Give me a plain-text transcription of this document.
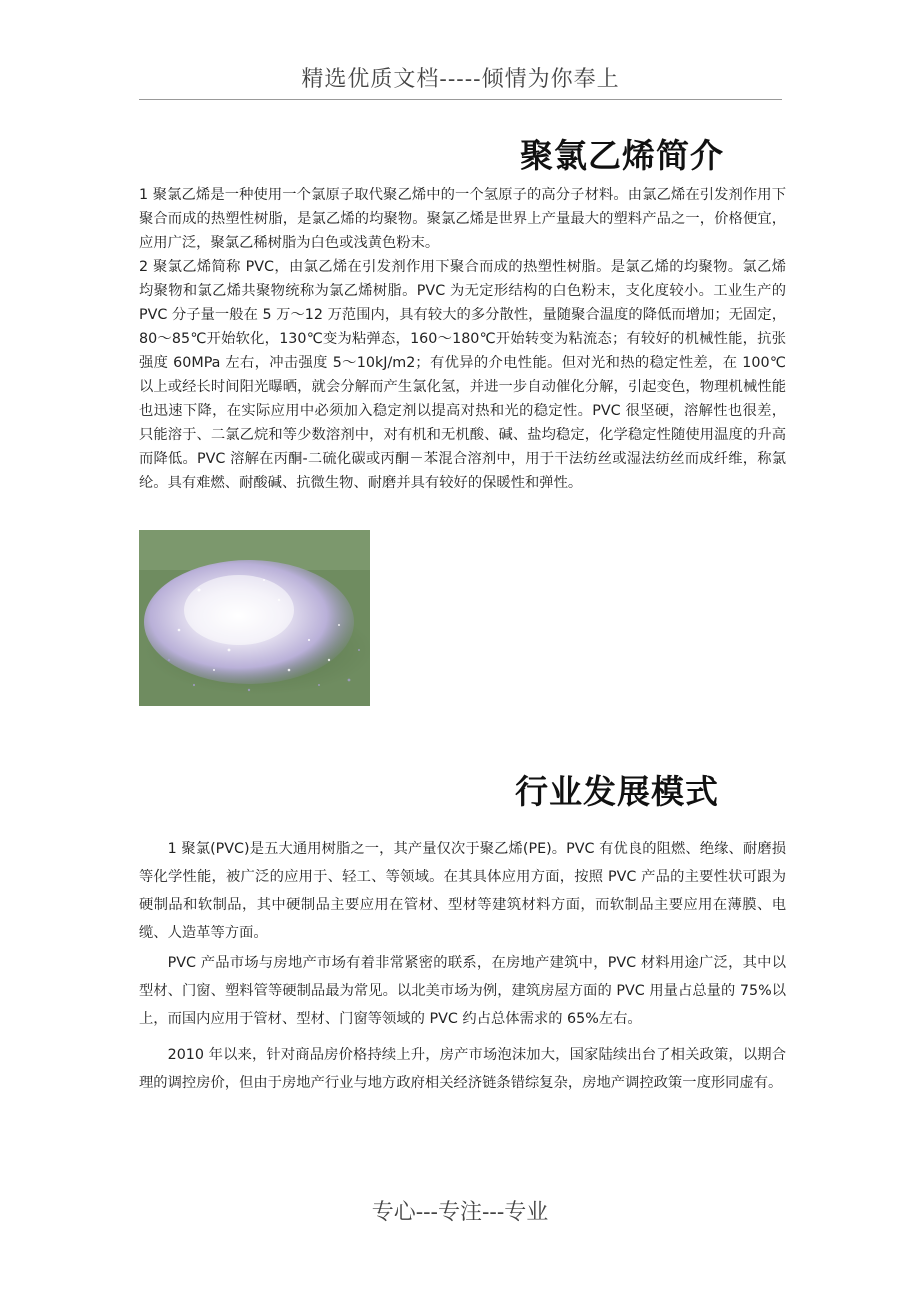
精选优质文档-----倾情为你奉上
聚氯乙烯简介

1 聚氯乙烯是一种使用一个氯原子取代聚乙烯中的一个氢原子的高分子材料。由氯乙烯在引发剂作用下聚合而成的热塑性树脂，是氯乙烯的均聚物。聚氯乙烯是世界上产量最大的塑料产品之一，价格便宜，应用广泛，聚氯乙稀树脂为白色或浅黄色粉末。

2 聚氯乙烯简称 PVC，由氯乙烯在引发剂作用下聚合而成的热塑性树脂。是氯乙烯的均聚物。氯乙烯均聚物和氯乙烯共聚物统称为氯乙烯树脂。PVC 为无定形结构的白色粉末，支化度较小。工业生产的 PVC 分子量一般在 5 万～12 万范围内，具有较大的多分散性，量随聚合温度的降低而增加；无固定，80～85℃开始软化，130℃变为粘弹态，160～180℃开始转变为粘流态；有较好的机械性能，抗张强度 60MPa 左右，冲击强度 5～10kJ/m2；有优异的介电性能。但对光和热的稳定性差，在 100℃以上或经长时间阳光曝晒，就会分解而产生氯化氢，并进一步自动催化分解，引起变色，物理机械性能也迅速下降，在实际应用中必须加入稳定剂以提高对热和光的稳定性。PVC 很坚硬，溶解性也很差，只能溶于、二氯乙烷和等少数溶剂中，对有机和无机酸、碱、盐均稳定，化学稳定性随使用温度的升高而降低。PVC 溶解在丙酮-二硫化碳或丙酮－苯混合溶剂中，用于干法纺丝或湿法纺丝而成纤维，称氯纶。具有难燃、耐酸碱、抗微生物、耐磨并具有较好的保暖性和弹性。

行业发展模式

1 聚氯(PVC)是五大通用树脂之一，其产量仅次于聚乙烯(PE)。PVC 有优良的阻燃、绝缘、耐磨损等化学性能，被广泛的应用于、轻工、等领域。在其具体应用方面，按照 PVC 产品的主要性状可跟为硬制品和软制品，其中硬制品主要应用在管材、型材等建筑材料方面，而软制品主要应用在薄膜、电缆、人造革等方面。

PVC 产品市场与房地产市场有着非常紧密的联系，在房地产建筑中，PVC 材料用途广泛，其中以型材、门窗、塑料管等硬制品最为常见。以北美市场为例，建筑房屋方面的 PVC 用量占总量的 75%以上，而国内应用于管材、型材、门窗等领域的 PVC 约占总体需求的 65%左右。

2010 年以来，针对商品房价格持续上升，房产市场泡沫加大，国家陆续出台了相关政策，以期合理的调控房价，但由于房地产行业与地方政府相关经济链条错综复杂，房地产调控政策一度形同虚有。

专心---专注---专业
